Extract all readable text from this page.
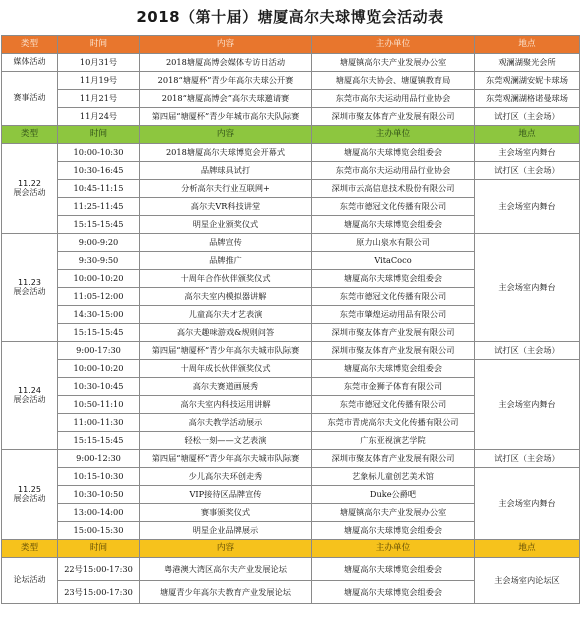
2018（第十届）塘厦高尔夫球博览会活动表
类型	时间	内容	主办单位	地点
媒体活动	10月31号	2018塘厦高博会媒体专访日活动	塘厦镇高尔夫产业发展办公室	观澜湖聚光会所
赛事活动	11月19号	2018“塘厦杯”青少年高尔夫球公开赛	塘厦高尔夫协会、塘厦镇教育局	东莞观澜湖安妮卡球场
	11月21号	2018“塘厦高博会”高尔夫球邀请赛	东莞市高尔夫运动用品行业协会	东莞观澜湖格诺曼球场
	11月24号	第四届“塘厦杯”青少年城市高尔夫队际赛	深圳市聚友体育产业发展有限公司	试打区（主会场）
类型	时间	内容	主办单位	地点

11.22
展会活动	10:00-10:30	2018塘厦高尔夫球博览会开幕式	塘厦高尔夫球博览会组委会	主会场室内舞台
	10:30-16:45	品牌球具试打	东莞市高尔夫运动用品行业协会	试打区（主会场）
	10:45-11:15	分析高尔夫行业互联网+	深圳市云高信息技术股份有限公司	主会场室内舞台
	11:25-11:45	高尔夫VR科技讲堂	东莞市德冠文化传播有限公司	
	15:15-15:45	明星企业颁奖仪式	塘厦高尔夫球博览会组委会	

11.23
展会活动	9:00-9:20	品牌宣传	原力山泉水有限公司	主会场室内舞台
	9:30-9:50	品牌推广	VitaCoco	
	10:00-10:20	十周年合作伙伴颁奖仪式	塘厦高尔夫球博览会组委会	
	11:05-12:00	高尔夫室内模拟器讲解	东莞市德冠文化传播有限公司	
	14:30-15:00	儿童高尔夫才艺表演	东莞市肇煌运动用品有限公司	
	15:15-15:45	高尔夫趣味游戏&规则问答	深圳市聚友体育产业发展有限公司	

11.24
展会活动	9:00-17:30	第四届“塘厦杯”青少年高尔夫城市队际赛	深圳市聚友体育产业发展有限公司	试打区（主会场）
	10:00-10:20	十周年成长伙伴颁奖仪式	塘厦高尔夫球博览会组委会	主会场室内舞台
	10:30-10:45	高尔夫赛道画展秀	东莞市金狮子体育有限公司	
	10:50-11:10	高尔夫室内科技运用讲解	东莞市德冠文化传播有限公司	
	11:00-11:30	高尔夫教学活动展示	东莞市青虎高尔夫文化传播有限公司	
	15:15-15:45	轻松一刻——文艺表演	广东亚视演艺学院	

11.25
展会活动	9:00-12:30	第四届“塘厦杯”青少年高尔夫城市队际赛	深圳市聚友体育产业发展有限公司	试打区（主会场）
	10:15-10:30	少儿高尔夫环创走秀	艺象标儿童创艺美术馆	主会场室内舞台
	10:30-10:50	VIP接待区品牌宣传	Duke公爵吧	
	13:00-14:00	赛事颁奖仪式	塘厦镇高尔夫产业发展办公室	
	15:00-15:30	明星企业品牌展示	塘厦高尔夫球博览会组委会	
类型	时间	内容	主办单位	地点
论坛活动	22号15:00-17:30	粤港澳大湾区高尔夫产业发展论坛	塘厦高尔夫球博览会组委会	主会场室内论坛区
	23号15:00-17:30	塘厦青少年高尔夫教育产业发展论坛	塘厦高尔夫球博览会组委会	
